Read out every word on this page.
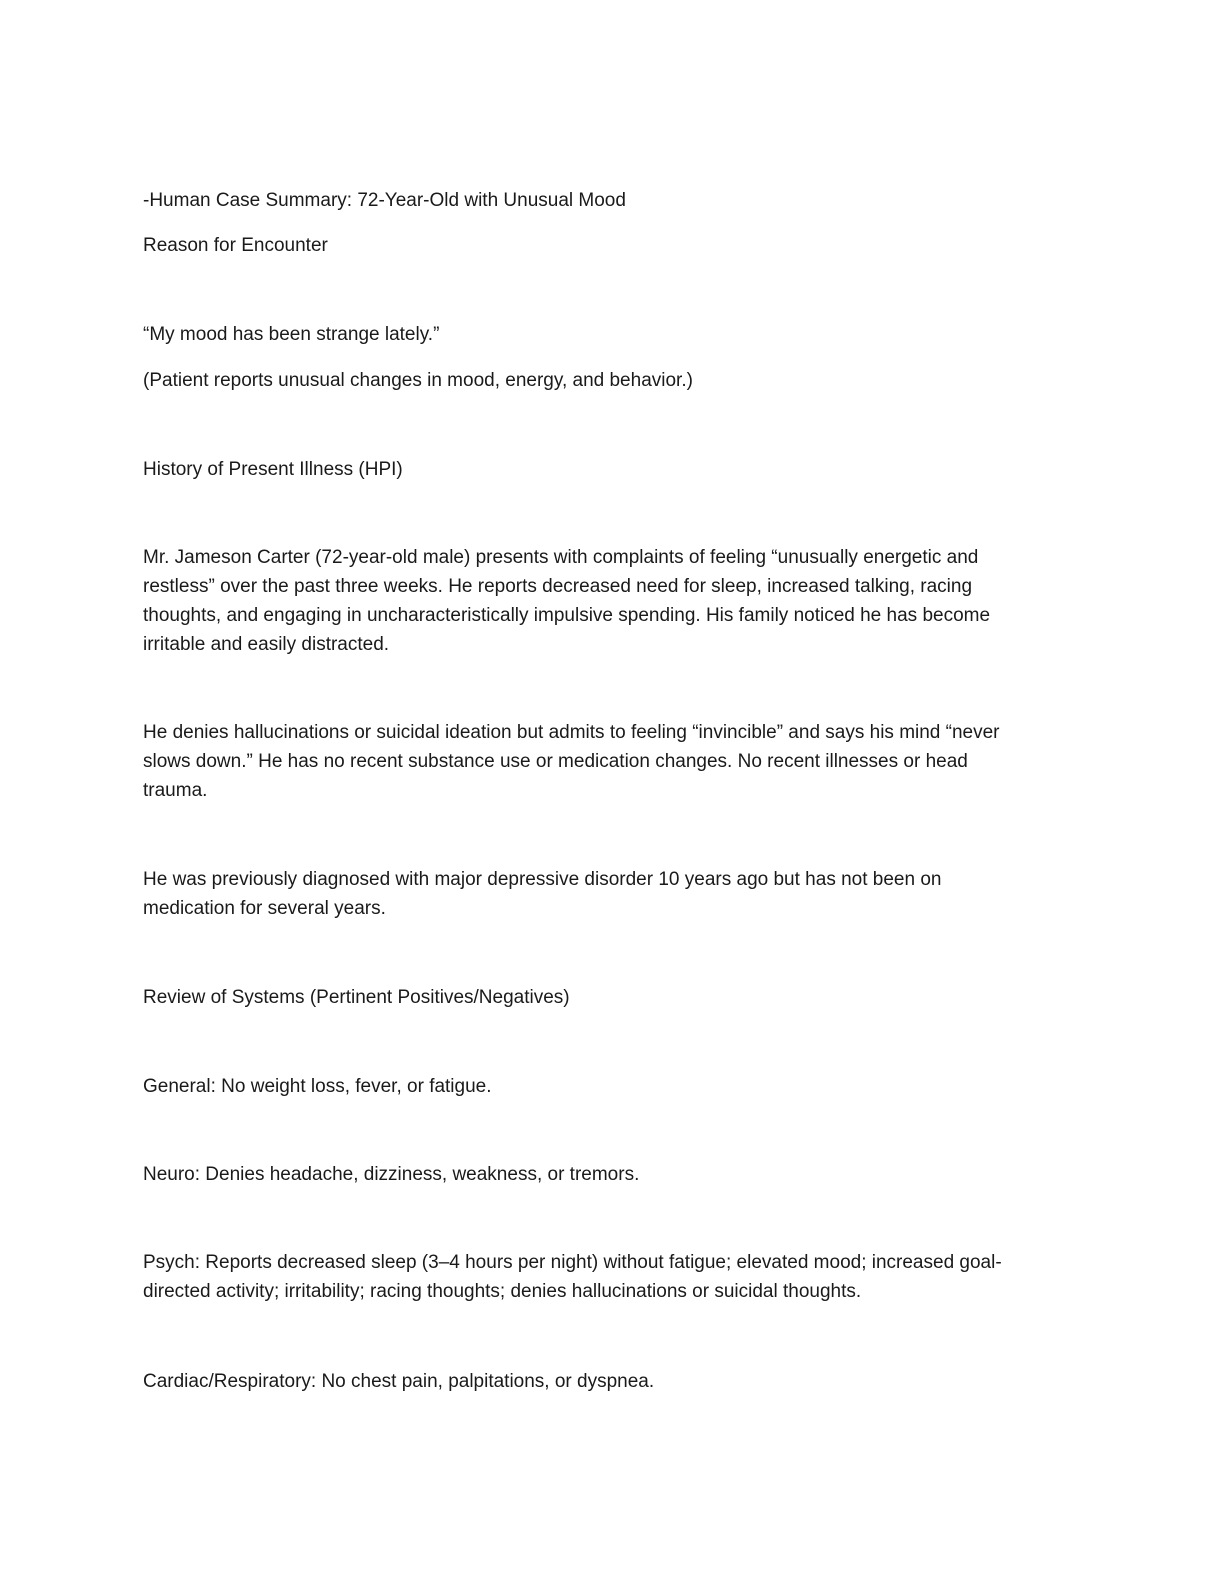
-Human Case Summary: 72-Year-Old with Unusual Mood

Reason for Encounter

“My mood has been strange lately.”

(Patient reports unusual changes in mood, energy, and behavior.)

History of Present Illness (HPI)

Mr. Jameson Carter (72-year-old male) presents with complaints of feeling “unusually energetic and
restless” over the past three weeks. He reports decreased need for sleep, increased talking, racing
thoughts, and engaging in uncharacteristically impulsive spending. His family noticed he has become
irritable and easily distracted.
He denies hallucinations or suicidal ideation but admits to feeling “invincible” and says his mind “never
slows down.” He has no recent substance use or medication changes. No recent illnesses or head
trauma.
He was previously diagnosed with major depressive disorder 10 years ago but has not been on
medication for several years.

Review of Systems (Pertinent Positives/Negatives)

General: No weight loss, fever, or fatigue.

Neuro: Denies headache, dizziness, weakness, or tremors.

Psych: Reports decreased sleep (3–4 hours per night) without fatigue; elevated mood; increased goal-
directed activity; irritability; racing thoughts; denies hallucinations or suicidal thoughts.

Cardiac/Respiratory: No chest pain, palpitations, or dyspnea.
